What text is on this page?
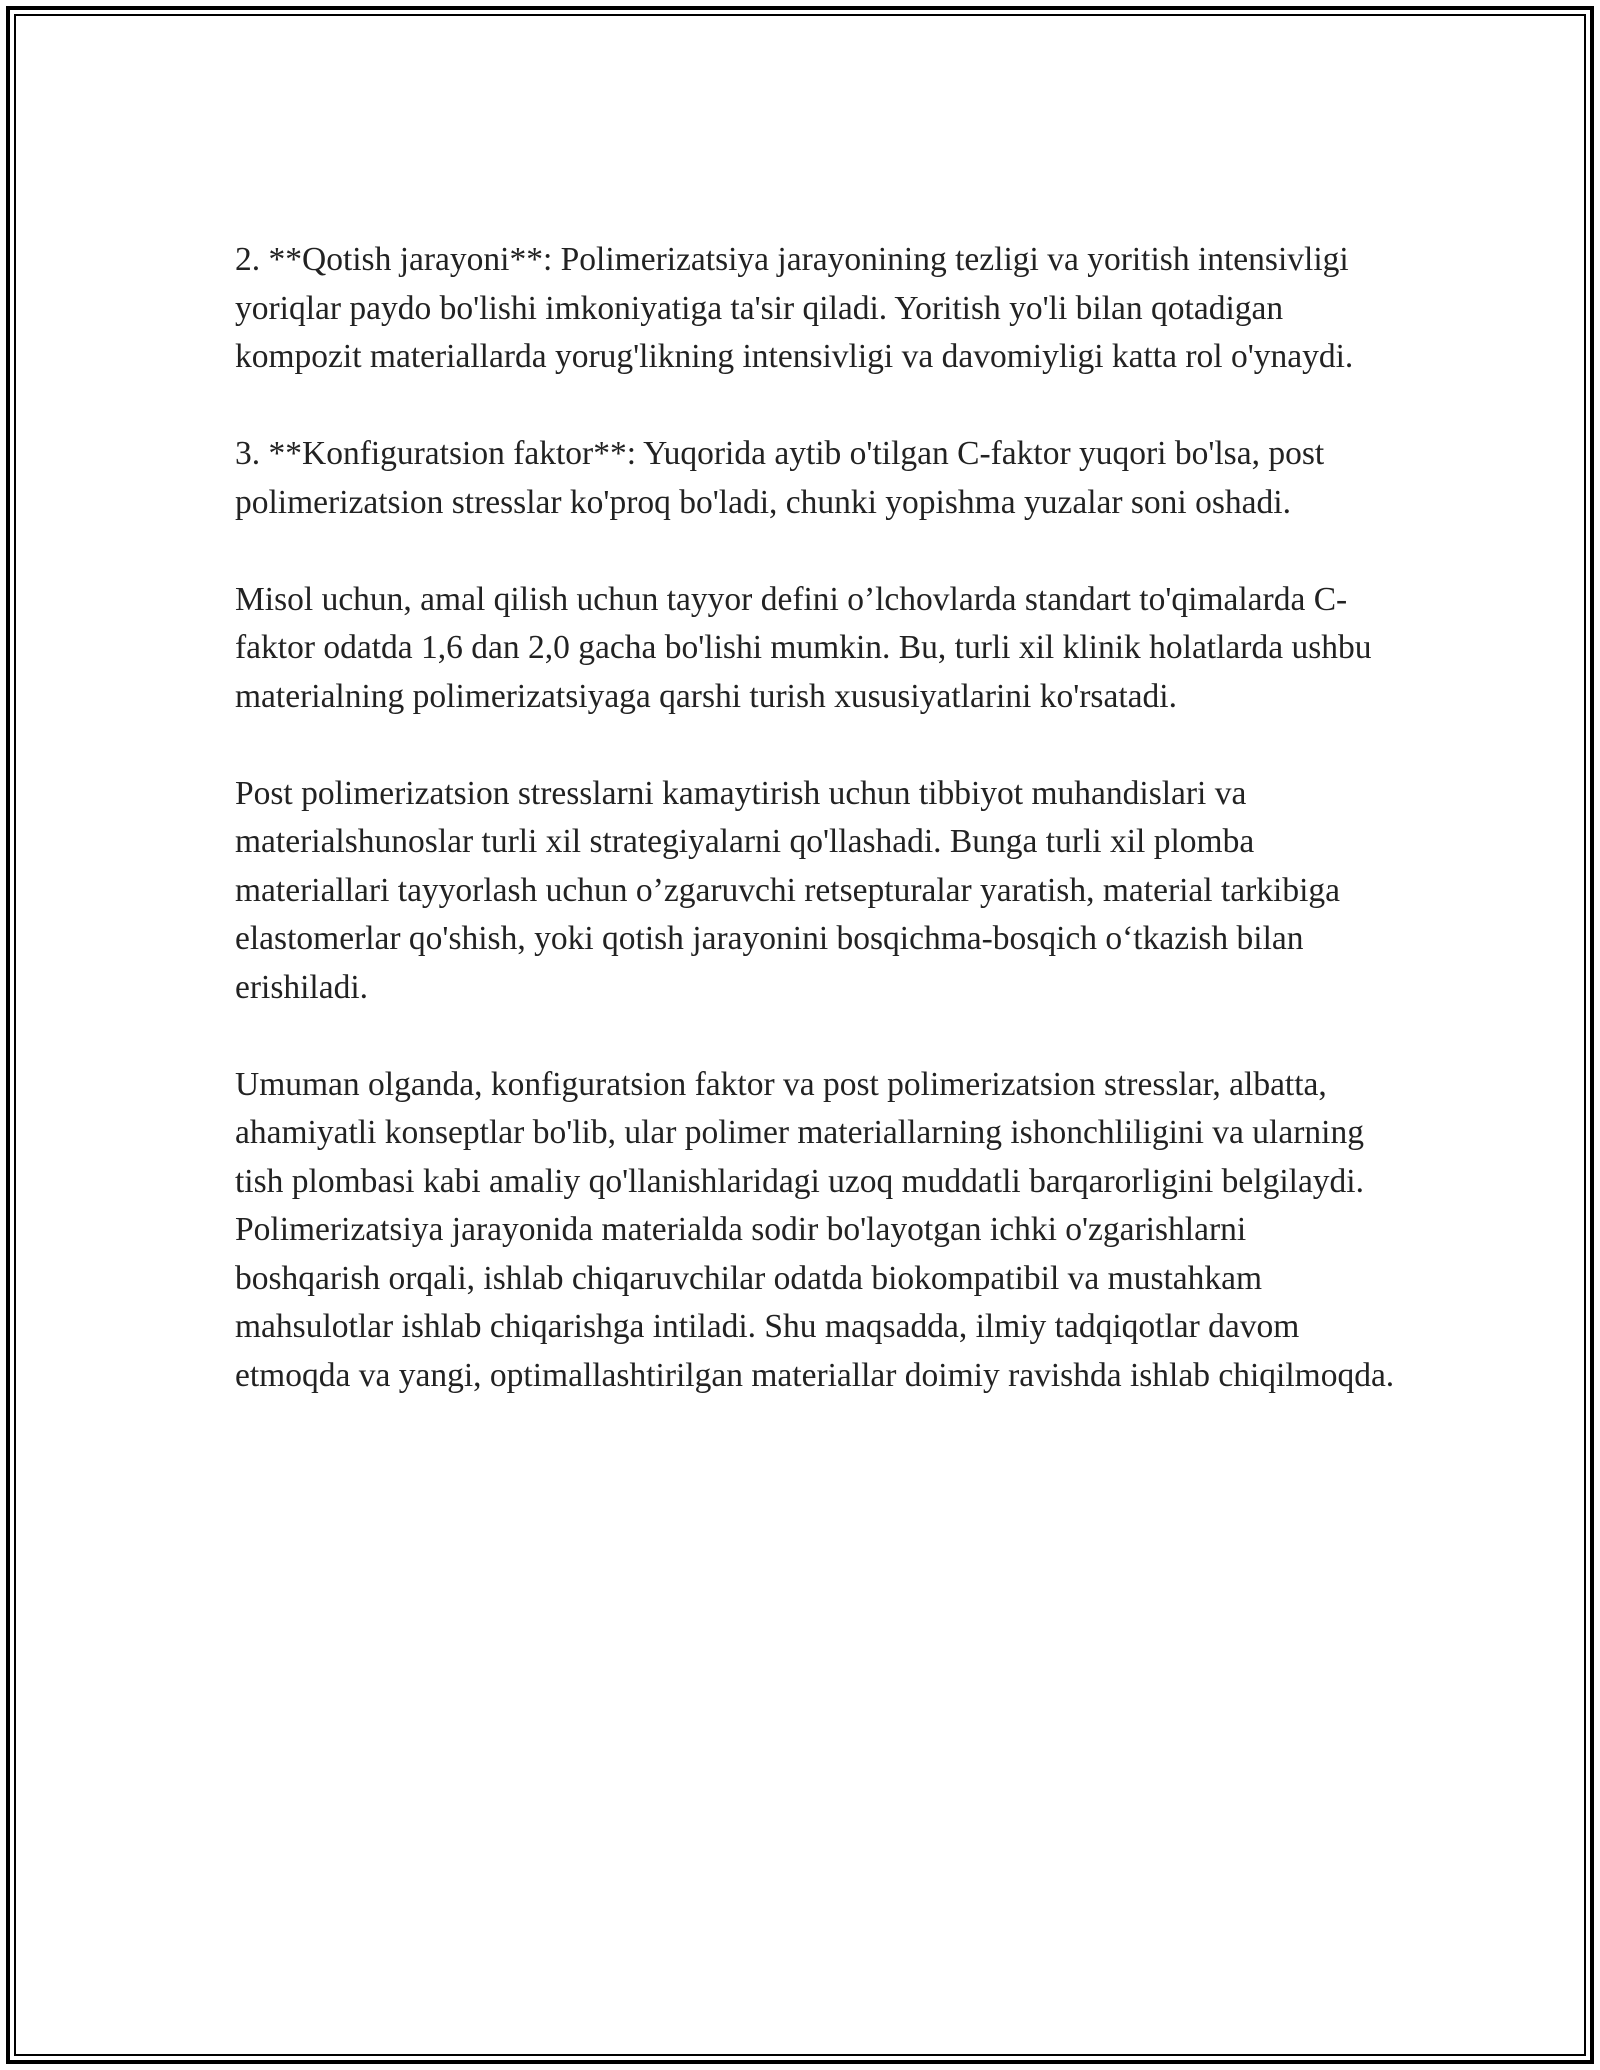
2. **Qotish jarayoni**: Polimerizatsiya jarayonining tezligi va yoritish intensivligi yoriqlar paydo bo'lishi imkoniyatiga ta'sir qiladi. Yoritish yo'li bilan qotadigan kompozit materiallarda yorug'likning intensivligi va davomiyligi katta rol o'ynaydi.

3. **Konfiguratsion faktor**: Yuqorida aytib o'tilgan C-faktor yuqori bo'lsa, post polimerizatsion stresslar ko'proq bo'ladi, chunki yopishma yuzalar soni oshadi.

Misol uchun, amal qilish uchun tayyor defini o’lchovlarda standart to'qimalarda C-faktor odatda 1,6 dan 2,0 gacha bo'lishi mumkin. Bu, turli xil klinik holatlarda ushbu materialning polimerizatsiyaga qarshi turish xususiyatlarini ko'rsatadi.

Post polimerizatsion stresslarni kamaytirish uchun tibbiyot muhandislari va materialshunoslar turli xil strategiyalarni qo'llashadi. Bunga turli xil plomba materiallari tayyorlash uchun o’zgaruvchi retsepturalar yaratish, material tarkibiga elastomerlar qo'shish, yoki qotish jarayonini bosqichma-bosqich o‘tkazish bilan erishiladi.

Umuman olganda, konfiguratsion faktor va post polimerizatsion stresslar, albatta, ahamiyatli konseptlar bo'lib, ular polimer materiallarning ishonchliligini va ularning tish plombasi kabi amaliy qo'llanishlaridagi uzoq muddatli barqarorligini belgilaydi. Polimerizatsiya jarayonida materialda sodir bo'layotgan ichki o'zgarishlarni boshqarish orqali, ishlab chiqaruvchilar odatda biokompatibil va mustahkam mahsulotlar ishlab chiqarishga intiladi. Shu maqsadda, ilmiy tadqiqotlar davom etmoqda va yangi, optimallashtirilgan materiallar doimiy ravishda ishlab chiqilmoqda.
